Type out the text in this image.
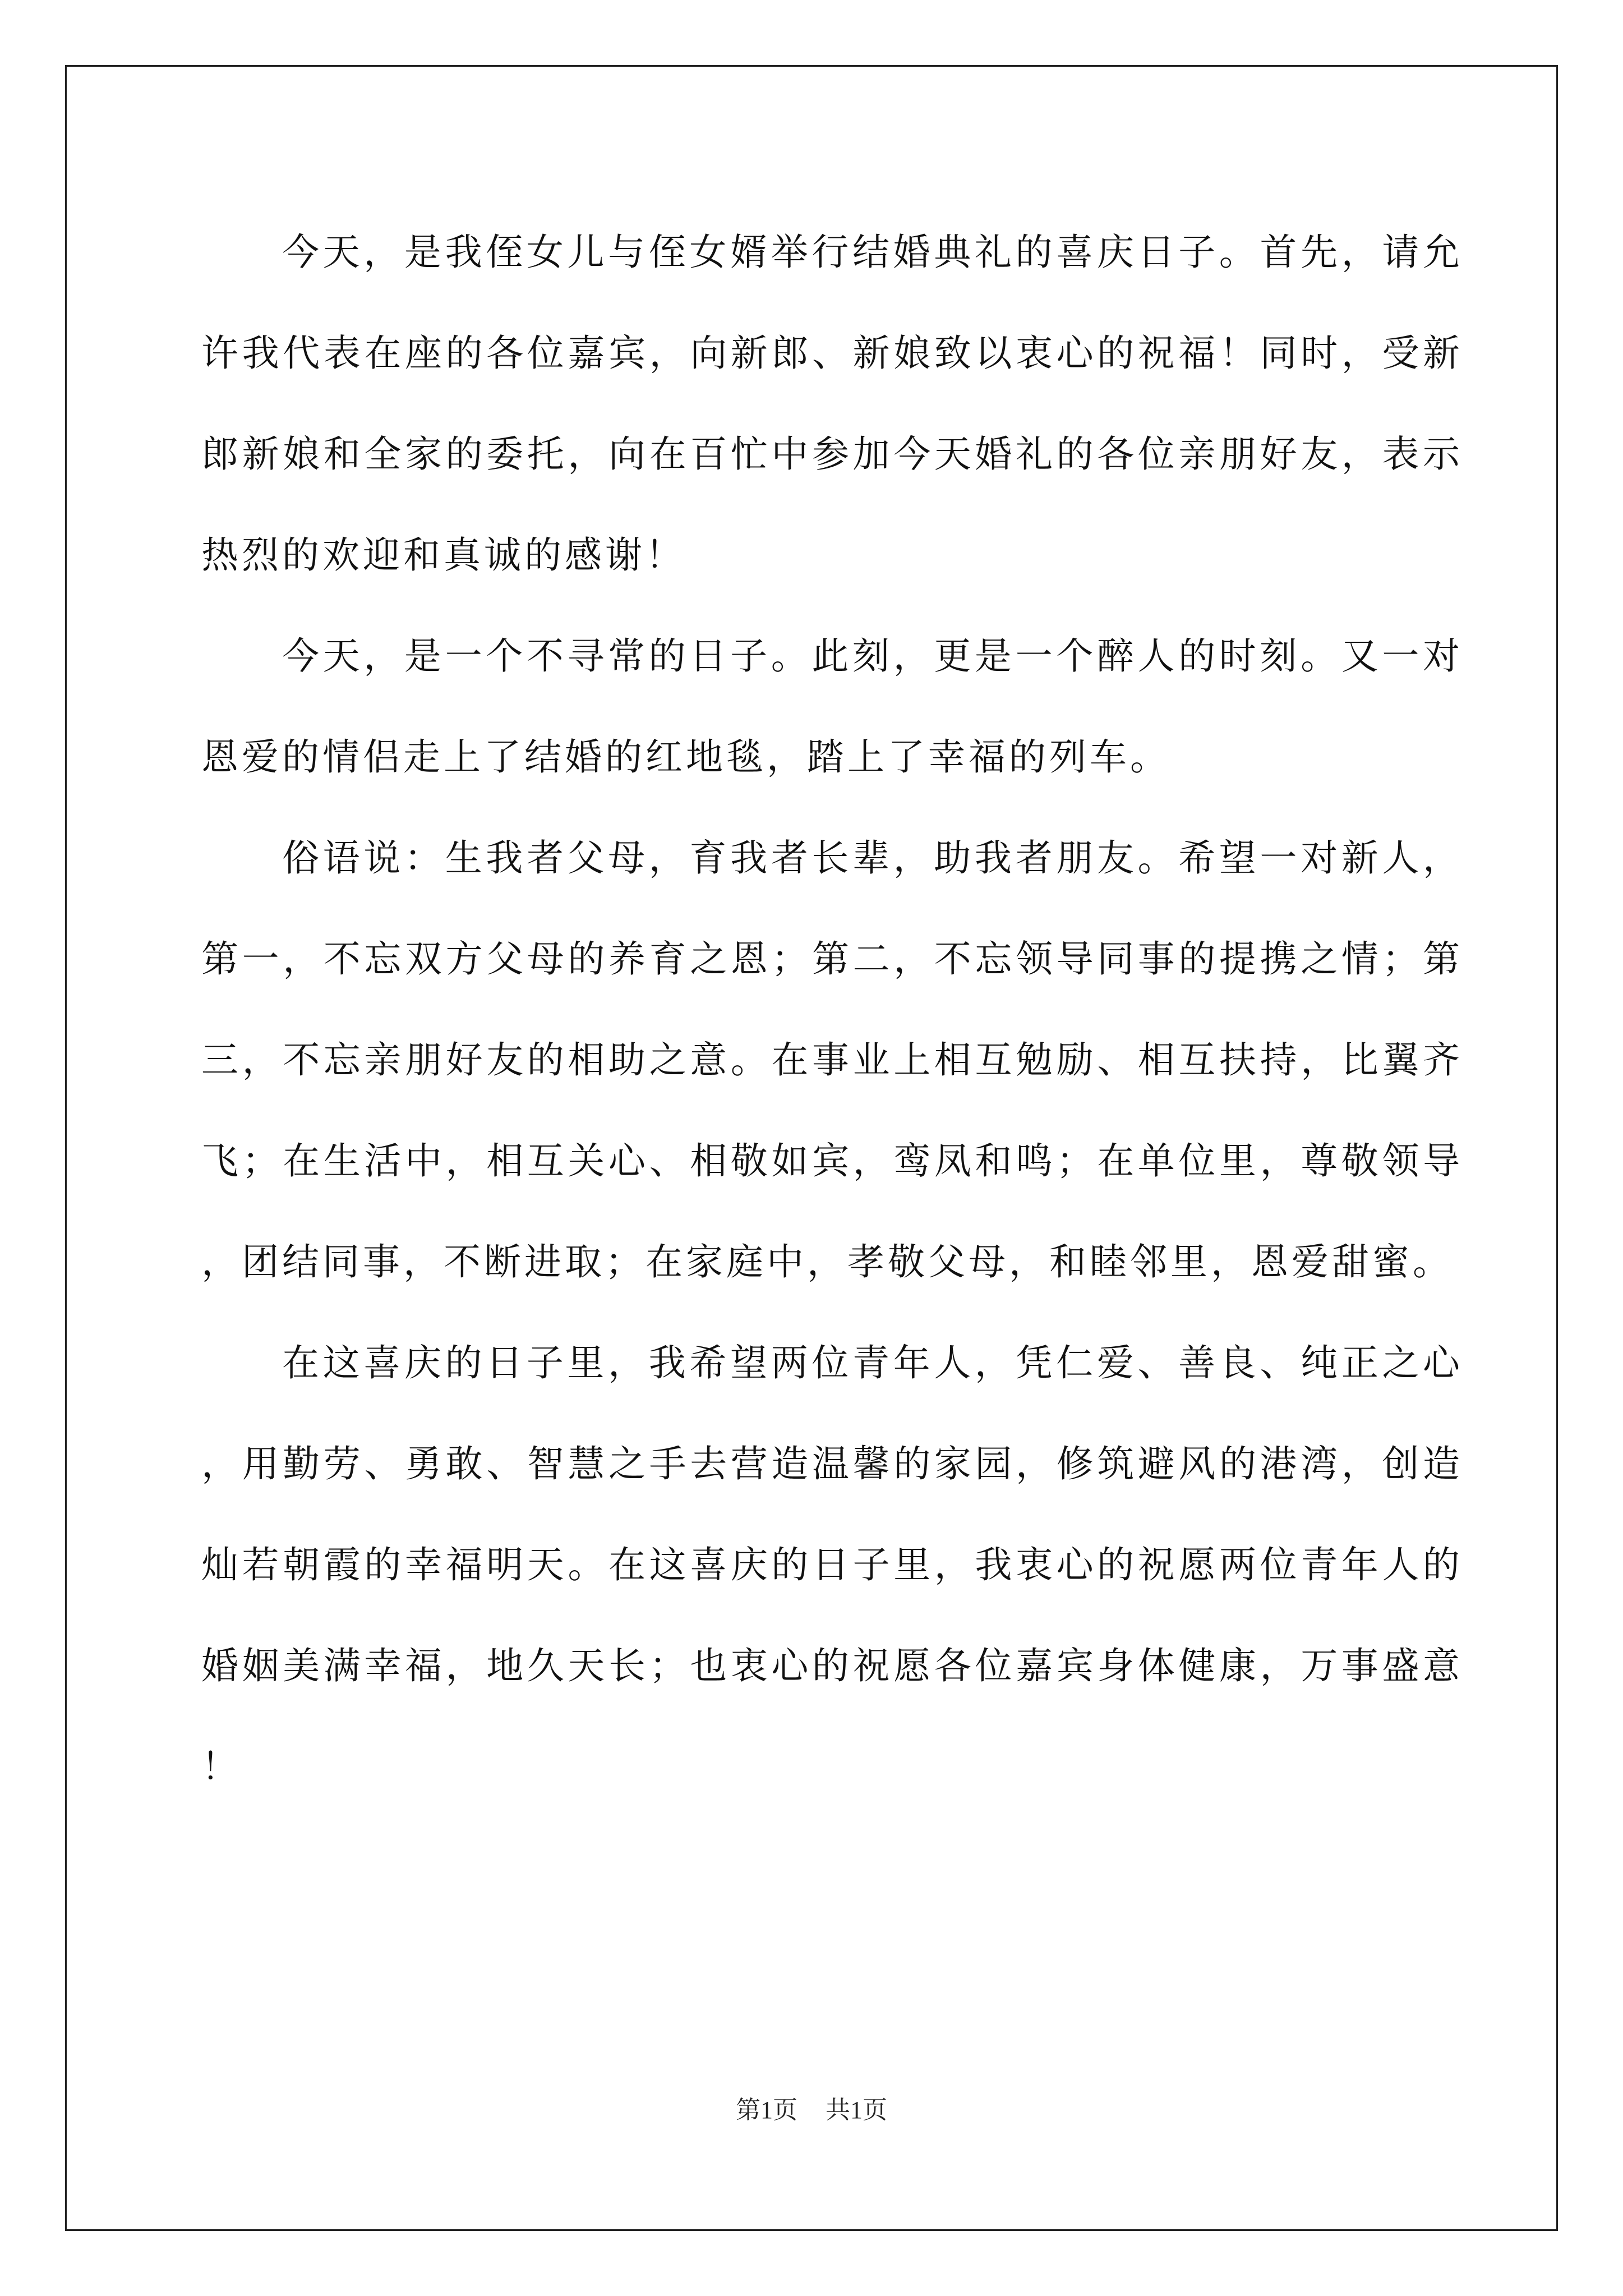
今天，是我侄女儿与侄女婿举行结婚典礼的喜庆日子。首先，请允许我代表在座的各位嘉宾，向新郎、新娘致以衷心的祝福！同时，受新郎新娘和全家的委托，向在百忙中参加今天婚礼的各位亲朋好友，表示热烈的欢迎和真诚的感谢！

今天，是一个不寻常的日子。此刻，更是一个醉人的时刻。又一对恩爱的情侣走上了结婚的红地毯，踏上了幸福的列车。

俗语说：生我者父母，育我者长辈，助我者朋友。希望一对新人，第一，不忘双方父母的养育之恩；第二，不忘领导同事的提携之情；第三，不忘亲朋好友的相助之意。在事业上相互勉励、相互扶持，比翼齐飞；在生活中，相互关心、相敬如宾，鸾凤和鸣；在单位里，尊敬领导，团结同事，不断进取；在家庭中，孝敬父母，和睦邻里，恩爱甜蜜。

在这喜庆的日子里，我希望两位青年人，凭仁爱、善良、纯正之心，用勤劳、勇敢、智慧之手去营造温馨的家园，修筑避风的港湾，创造灿若朝霞的幸福明天。在这喜庆的日子里，我衷心的祝愿两位青年人的婚姻美满幸福，地久天长；也衷心的祝愿各位嘉宾身体健康，万事盛意！

第1页 共1页
